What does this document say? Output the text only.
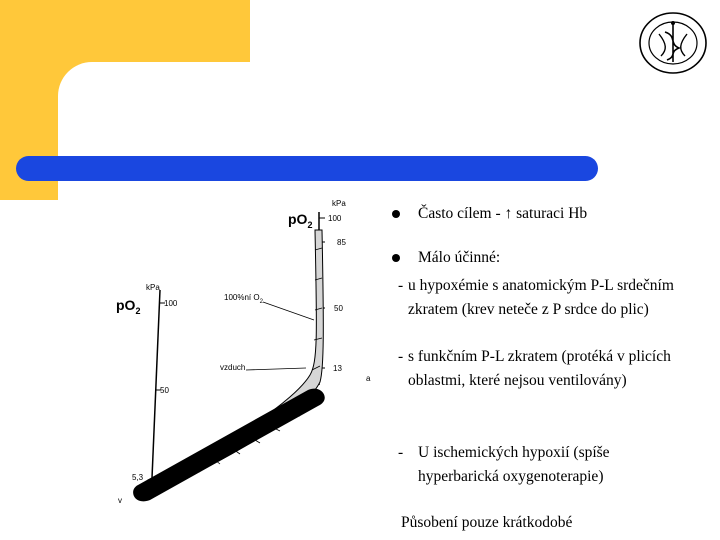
$pO_2$
kPa
100
85
50
13
$pO_2$
kPa
100
50
5,3
100%ní $O_2$
vzduch
v
a
Často cílem - ↑ saturaci Hb
Málo účinné:
- u hypoxémie s anatomickým P-L srdečním zkratem (krev neteče z P srdce do plic)
- s funkčním P-L zkratem (protéká v plicích oblastmi, které nejsou ventilovány)
- U ischemických hypoxií (spíše hyperbarická oxygenoterapie)
Působení pouze krátkodobé
